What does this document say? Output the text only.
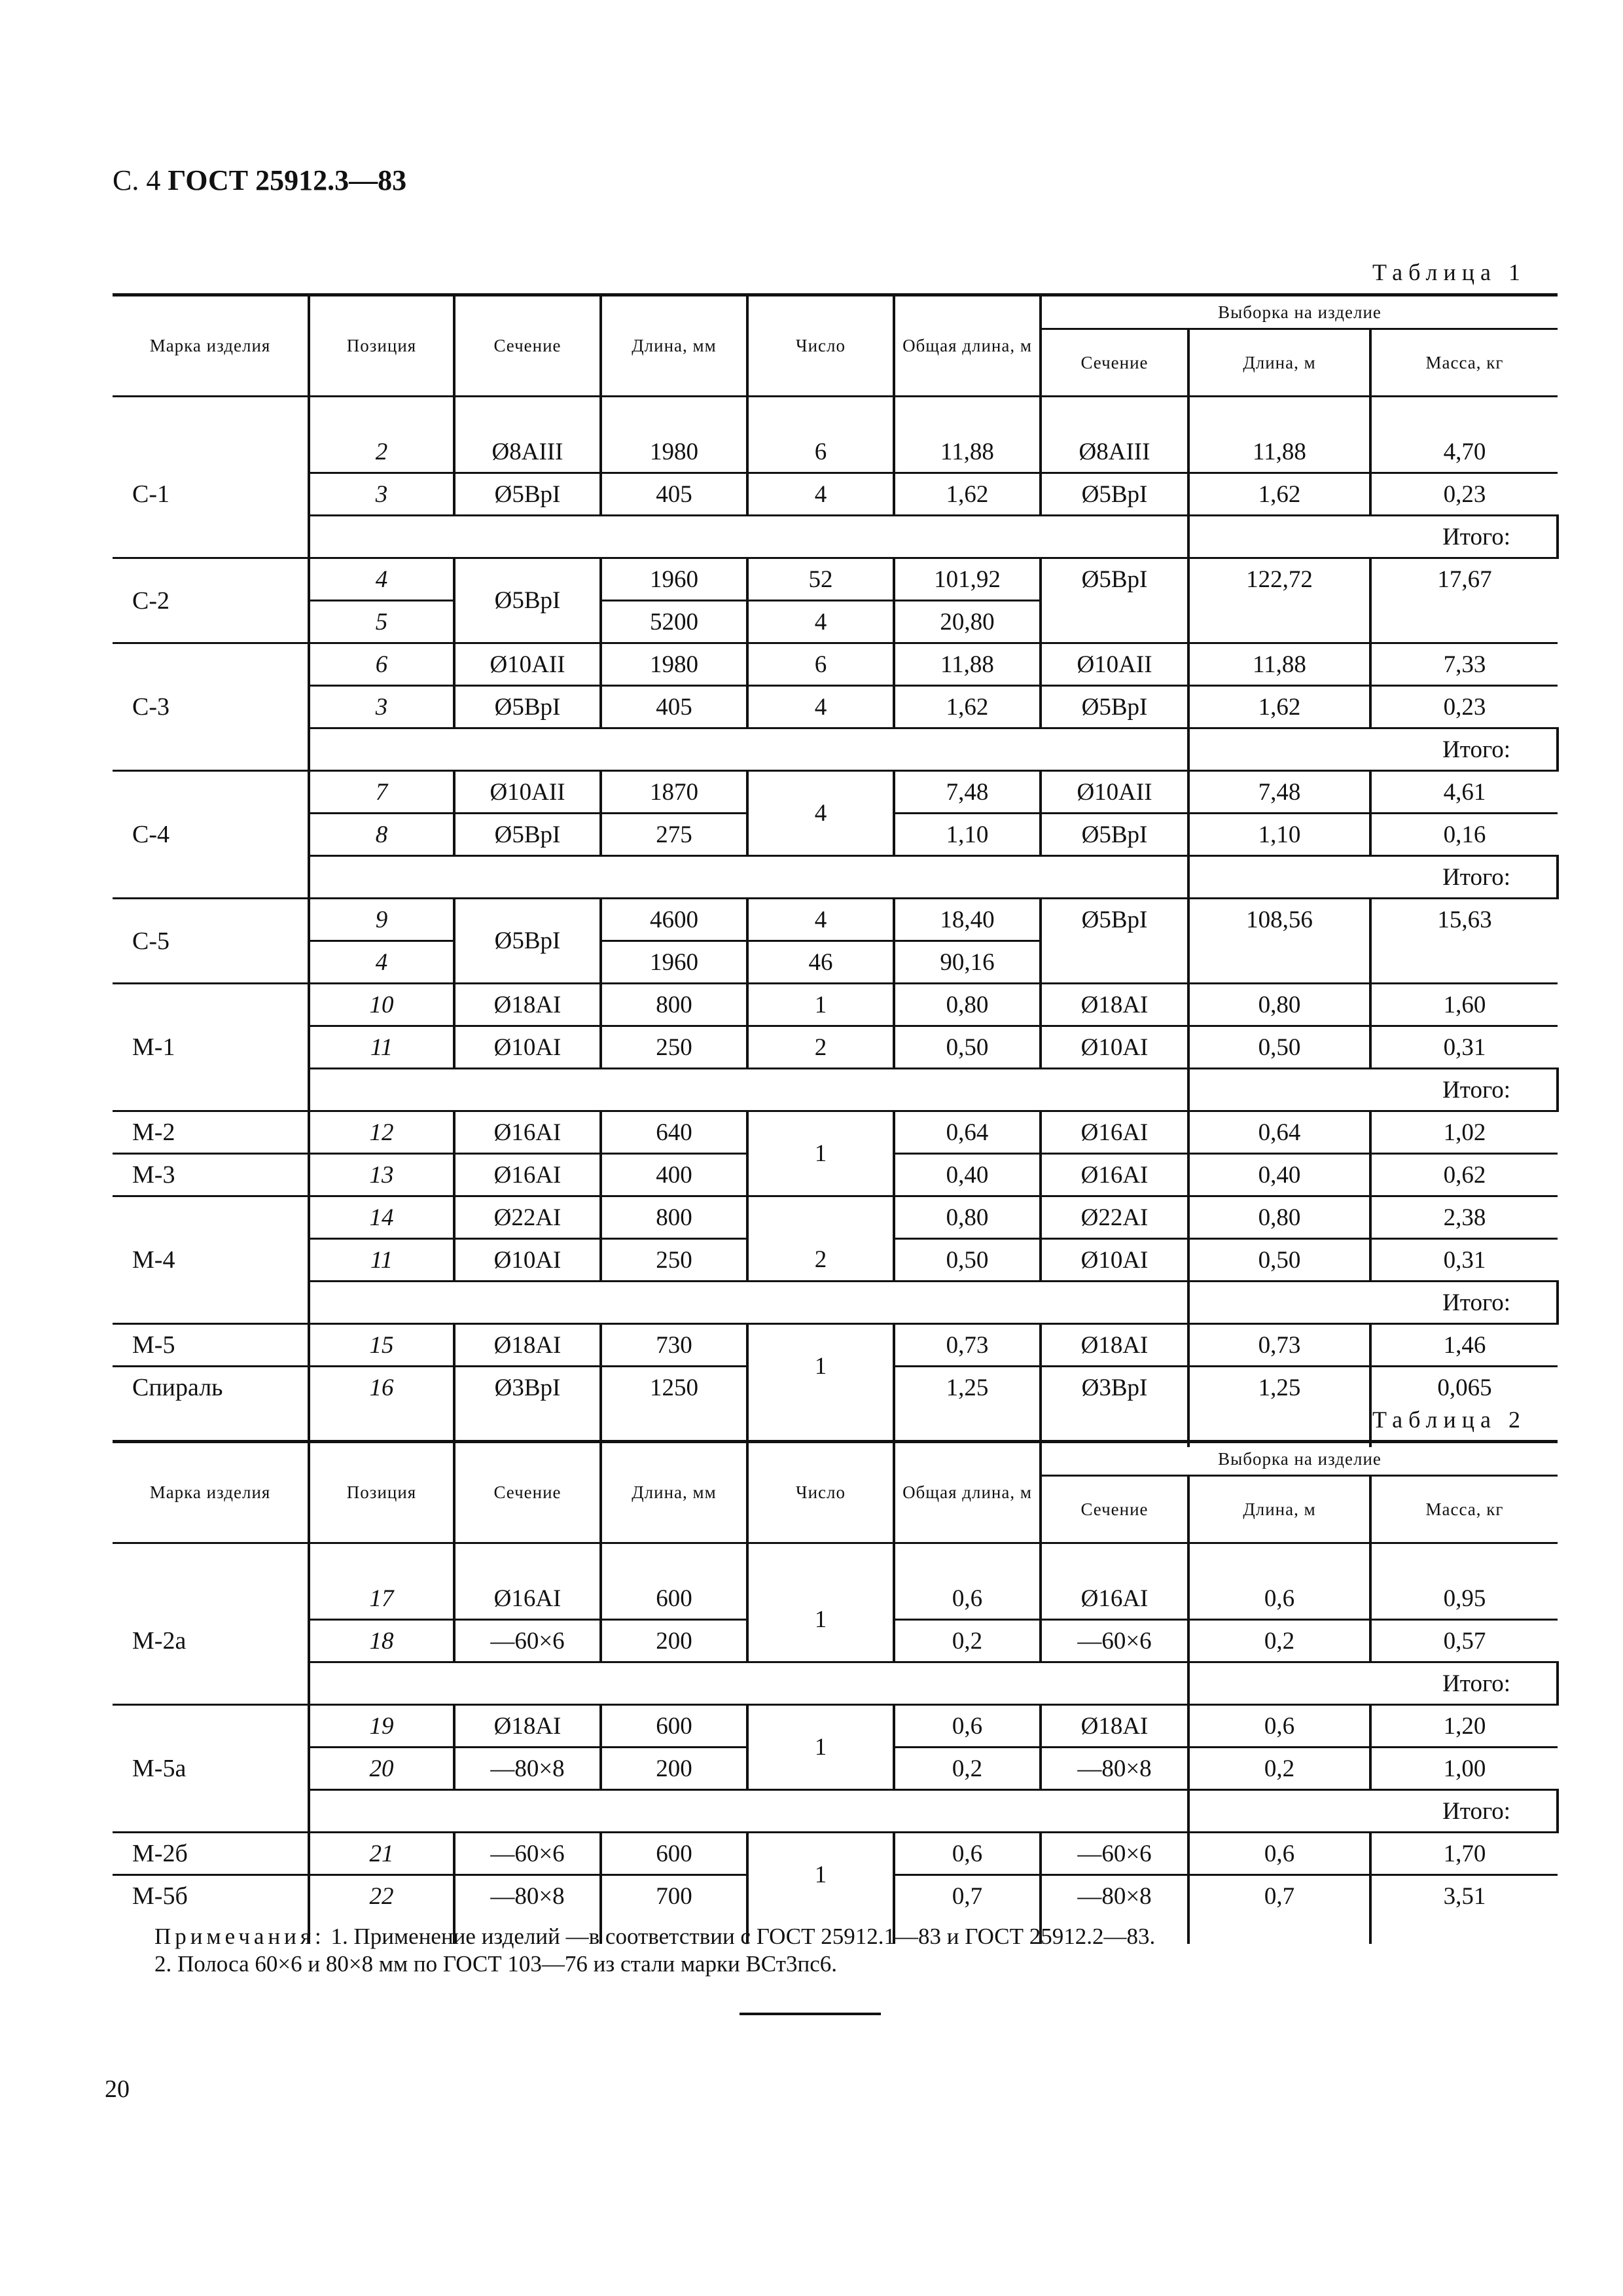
С. 4 ГОСТ 25912.3—83
Таблица 1
Марка изделия	Позиция	Сечение	Длина, мм	Число	Общая длина, м	Выборка на изделие			
						Сечение	Длина, м	Масса, кг	

С-1	2	Ø8AIII	1980	6	11,88	Ø8AIII	11,88	4,70	
	3	Ø5BpI	405	4	1,62	Ø5BpI	1,62	0,23	
							Итого:	
С-2	4	Ø5BpI	1960	52	101,92	Ø5BpI	122,72	17,67	
	5		5200	4	20,80				
С-3	6	Ø10AII	1980	6	11,88	Ø10AII	11,88	7,33	
	3	Ø5BpI	405	4	1,62	Ø5BpI	1,62	0,23	
							Итого:	
С-4	7	Ø10AII	1870	4	7,48	Ø10AII	7,48	4,61	
	8	Ø5BpI	275		1,10	Ø5BpI	1,10	0,16	
							Итого:	
С-5	9	Ø5BpI	4600	4	18,40	Ø5BpI	108,56	15,63	
	4		1960	46	90,16				
М-1	10	Ø18AI	800	1	0,80	Ø18AI	0,80	1,60	
	11	Ø10AI	250	2	0,50	Ø10AI	0,50	0,31	
							Итого:	
М-2	12	Ø16AI	640	1	0,64	Ø16AI	0,64	1,02	
М-3	13	Ø16AI	400		0,40	Ø16AI	0,40	0,62	
М-4	14	Ø22AI	800		0,80	Ø22AI	0,80	2,38	
	11	Ø10AI	250	2	0,50	Ø10AI	0,50	0,31	
							Итого:	
М-5	15	Ø18AI	730	1	0,73	Ø18AI	0,73	1,46	
Спираль	16	Ø3BpI	1250		1,25	Ø3BpI	1,25	0,065	

Таблица 2
Марка изделия	Позиция	Сечение	Длина, мм	Число	Общая длина, м	Выборка на изделие			
						Сечение	Длина, м	Масса, кг	

М-2а	17	Ø16AI	600	1	0,6	Ø16AI	0,6	0,95	
	18	—60×6	200		0,2	—60×6	0,2	0,57	
							Итого:	
М-5а	19	Ø18AI	600	1	0,6	Ø18AI	0,6	1,20	
	20	—80×8	200		0,2	—80×8	0,2	1,00	
							Итого:	
М-2б	21	—60×6	600	1	0,6	—60×6	0,6	1,70	
М-5б	22	—80×8	700		0,7	—80×8	0,7	3,51	

Примечания: 1. Применение изделий —в соответствии с ГОСТ 25912.1—83 и ГОСТ 25912.2—83.
2. Полоса 60×6 и 80×8 мм по ГОСТ 103—76 из стали марки ВСт3пс6.
20
